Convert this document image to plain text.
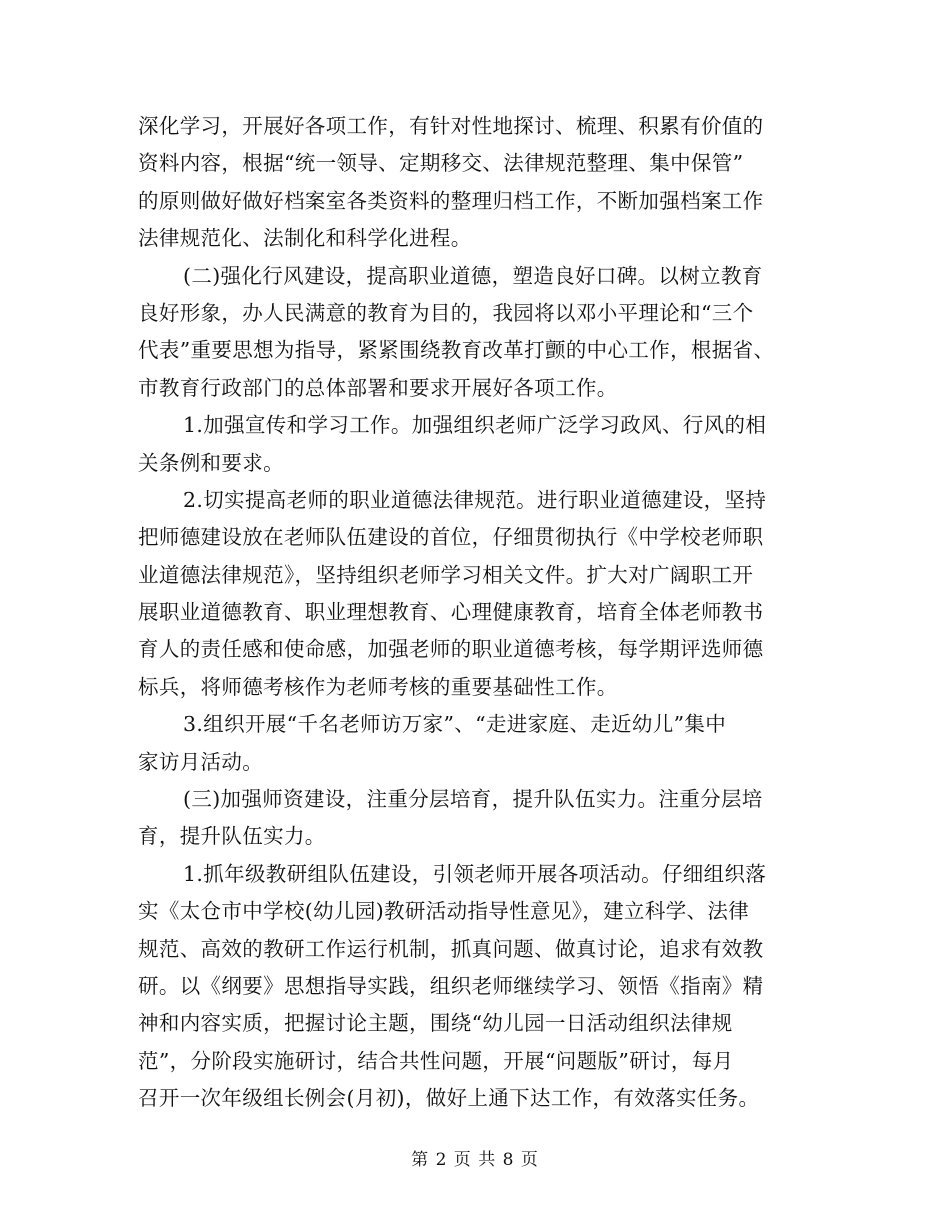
深化学习，开展好各项工作，有针对性地探讨、梳理、积累有价值的
资料内容，根据“统一领导、定期移交、法律规范整理、集中保管”
的原则做好做好档案室各类资料的整理归档工作，不断加强档案工作
法律规范化、法制化和科学化进程。
(二)强化行风建设，提高职业道德，塑造良好口碑。以树立教育
良好形象，办人民满意的教育为目的，我园将以邓小平理论和“三个
代表”重要思想为指导，紧紧围绕教育改革打颤的中心工作，根据省、
市教育行政部门的总体部署和要求开展好各项工作。
1.加强宣传和学习工作。加强组织老师广泛学习政风、行风的相
关条例和要求。
2.切实提高老师的职业道德法律规范。进行职业道德建设，坚持
把师德建设放在老师队伍建设的首位，仔细贯彻执行《中学校老师职
业道德法律规范》，坚持组织老师学习相关文件。扩大对广阔职工开
展职业道德教育、职业理想教育、心理健康教育，培育全体老师教书
育人的责任感和使命感，加强老师的职业道德考核，每学期评选师德
标兵，将师德考核作为老师考核的重要基础性工作。
3.组织开展“千名老师访万家”、“走进家庭、走近幼儿”集中
家访月活动。
(三)加强师资建设，注重分层培育，提升队伍实力。注重分层培
育，提升队伍实力。
1.抓年级教研组队伍建设，引领老师开展各项活动。仔细组织落
实《太仓市中学校(幼儿园)教研活动指导性意见》，建立科学、法律
规范、高效的教研工作运行机制，抓真问题、做真讨论，追求有效教
研。以《纲要》思想指导实践，组织老师继续学习、领悟《指南》精
神和内容实质，把握讨论主题，围绕“幼儿园一日活动组织法律规
范”，分阶段实施研讨，结合共性问题，开展“问题版”研讨，每月
召开一次年级组长例会(月初)，做好上通下达工作，有效落实任务。
第 2 页 共 8 页
